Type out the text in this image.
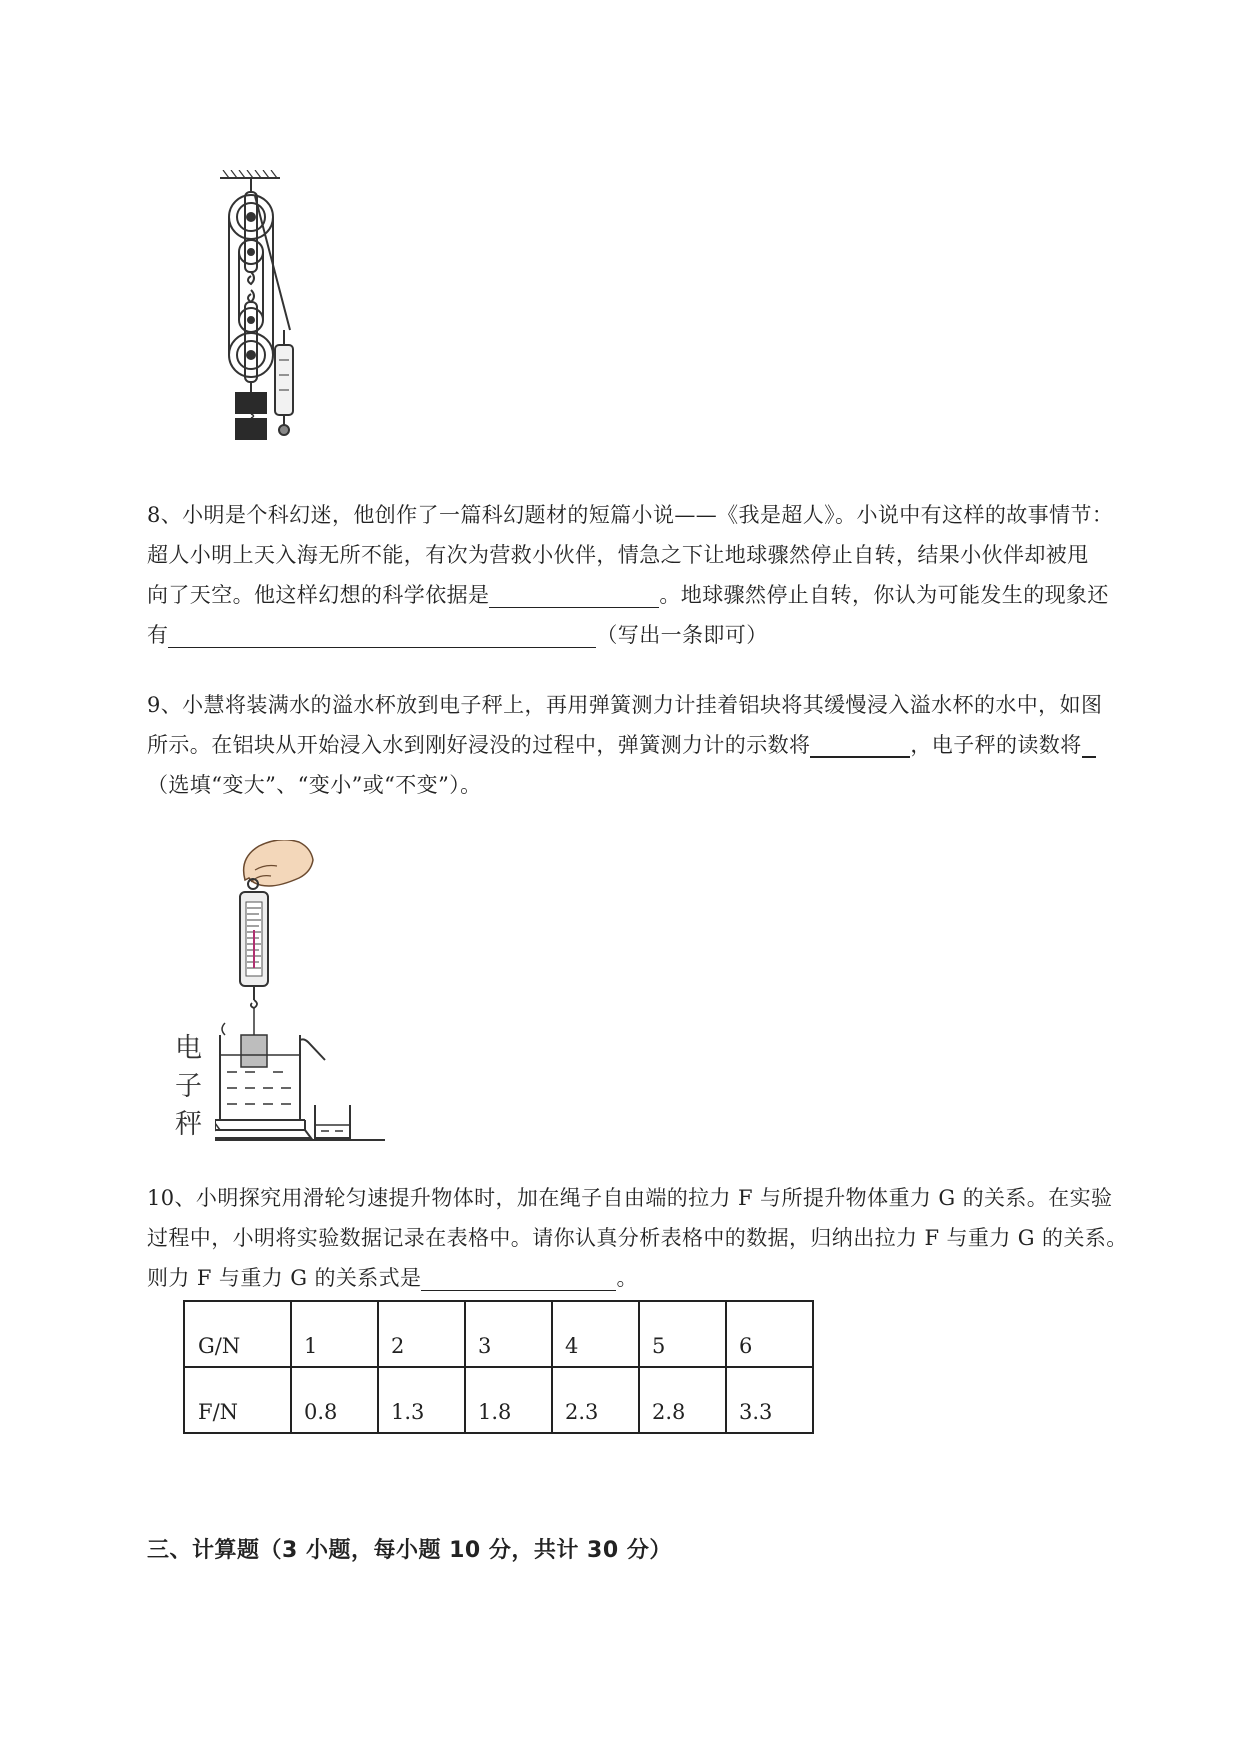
8、小明是个科幻迷，他创作了一篇科幻题材的短篇小说——《我是超人》。小说中有这样的故事情节：
超人小明上天入海无所不能，有次为营救小伙伴，情急之下让地球骤然停止自转，结果小伙伴却被甩
向了天空。他这样幻想的科学依据是	。地球骤然停止自转，你认为可能发生的现象还
有	（写出一条即可）
9、小慧将装满水的溢水杯放到电子秤上，再用弹簧测力计挂着铝块将其缓慢浸入溢水杯的水中，如图
所示。在铝块从开始浸入水到刚好浸没的过程中，弹簧测力计的示数将	，电子秤的读数将
（选填“变大”、“变小”或“不变”）。
电
子
秤
10、小明探究用滑轮匀速提升物体时，加在绳子自由端的拉力 F 与所提升物体重力 G 的关系。在实验
过程中，小明将实验数据记录在表格中。请你认真分析表格中的数据，归纳出拉力 F 与重力 G 的关系。
则力 F 与重力 G 的关系式是	。
G/N	1	2	3	4	5	6
F/N	0.8	1.3	1.8	2.3	2.8	3.3
三、计算题（3 小题，每小题 10 分，共计 30 分）
